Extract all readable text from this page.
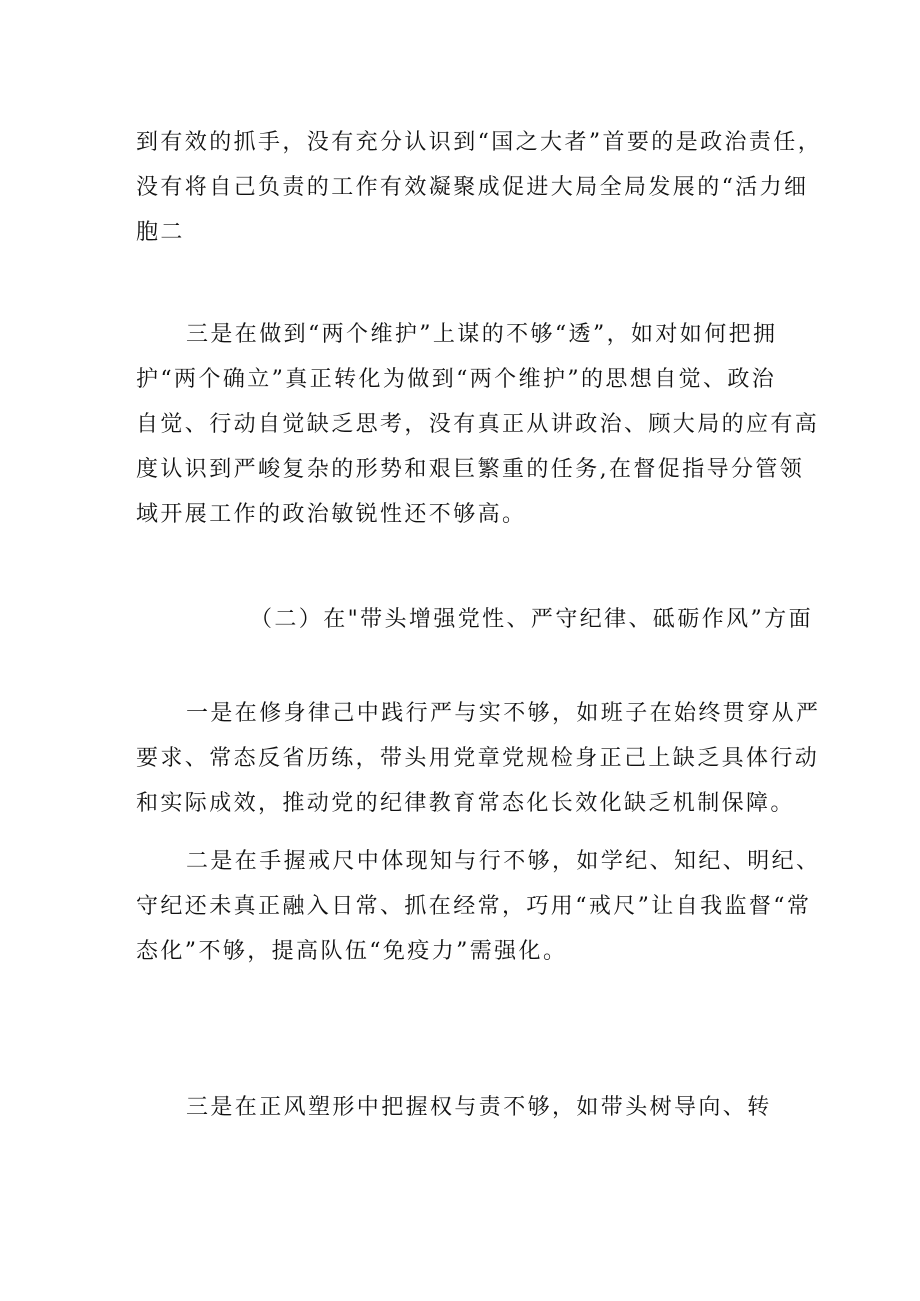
到有效的抓手，没有充分认识到“国之大者”首要的是政治责任，
没有将自己负责的工作有效凝聚成促进大局全局发展的“活力细
胞二
三是在做到“两个维护”上谋的不够“透”，如对如何把拥
护“两个确立”真正转化为做到“两个维护”的思想自觉、政治
自觉、行动自觉缺乏思考，没有真正从讲政治、顾大局的应有高
度认识到严峻复杂的形势和艰巨繁重的任务,在督促指导分管领
域开展工作的政治敏锐性还不够高。
（二）在"带头增强党性、严守纪律、砥砺作风”方面
一是在修身律己中践行严与实不够，如班子在始终贯穿从严
要求、常态反省历练，带头用党章党规检身正己上缺乏具体行动
和实际成效，推动党的纪律教育常态化长效化缺乏机制保障。
二是在手握戒尺中体现知与行不够，如学纪、知纪、明纪、
守纪还未真正融入日常、抓在经常，巧用“戒尺”让自我监督“常
态化”不够，提高队伍“免疫力”需强化。
三是在正风塑形中把握权与责不够，如带头树导向、转
